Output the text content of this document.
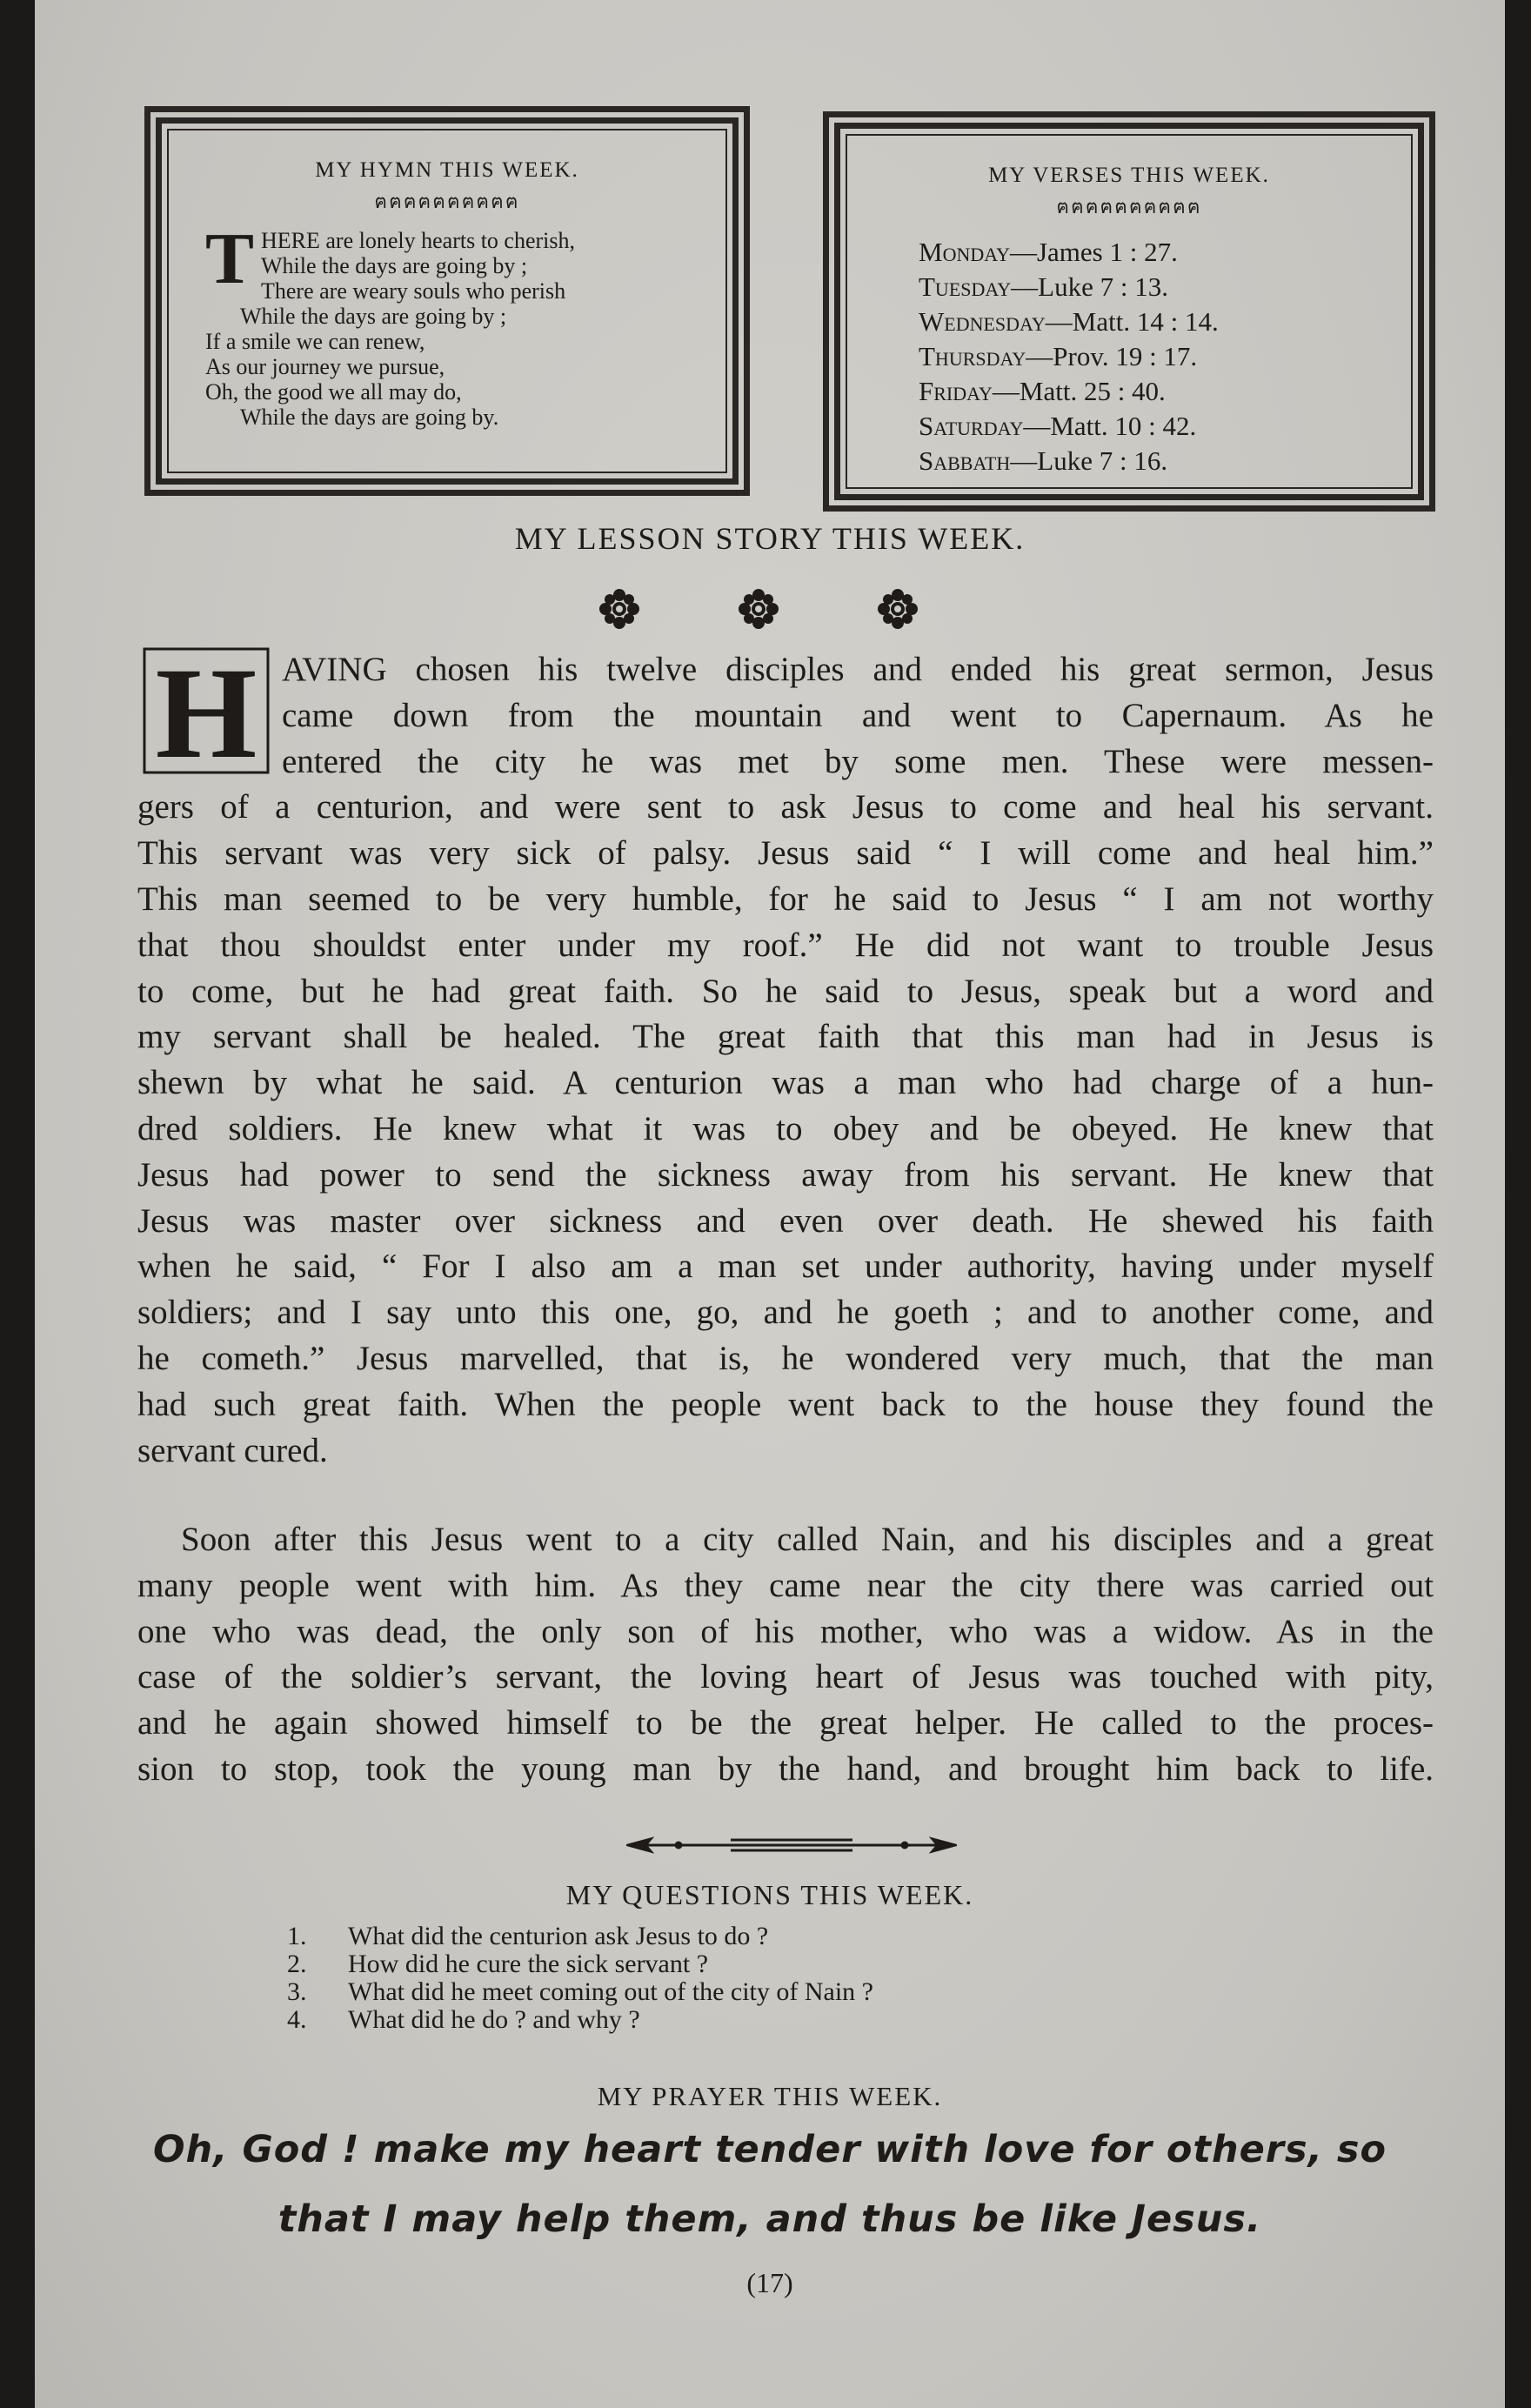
MY HYMN THIS WEEK.
ฅฅฅฅฅฅฅฅฅฅ
T HERE are lonely hearts to cherish,
While the days are going by ;
There are weary souls who perish
While the days are going by ;
If a smile we can renew,
As our journey we pursue,
Oh, the good we all may do,
While the days are going by.
MY VERSES THIS WEEK.
ฅฅฅฅฅฅฅฅฅฅ
Monday—James 1 : 27.
Tuesday—Luke 7 : 13.
Wednesday—Matt. 14 : 14.
Thursday—Prov. 19 : 17.
Friday—Matt. 25 : 40.
Saturday—Matt. 10 : 42.
Sabbath—Luke 7 : 16.
MY LESSON STORY THIS WEEK.
H AVING chosen his twelve disciples and ended his great sermon, Jesus
came down from the mountain and went to Capernaum. As he
entered the city he was met by some men. These were messen-
gers of a centurion, and were sent to ask Jesus to come and heal his servant.
This servant was very sick of palsy. Jesus said “ I will come and heal him.”
This man seemed to be very humble, for he said to Jesus “ I am not worthy
that thou shouldst enter under my roof.” He did not want to trouble Jesus
to come, but he had great faith. So he said to Jesus, speak but a word and
my servant shall be healed. The great faith that this man had in Jesus is
shewn by what he said. A centurion was a man who had charge of a hun-
dred soldiers. He knew what it was to obey and be obeyed. He knew that
Jesus had power to send the sickness away from his servant. He knew that
Jesus was master over sickness and even over death. He shewed his faith
when he said, “ For I also am a man set under authority, having under myself
soldiers; and I say unto this one, go, and he goeth ; and to another come, and
he cometh.” Jesus marvelled, that is, he wondered very much, that the man
had such great faith. When the people went back to the house they found the
servant cured.
Soon after this Jesus went to a city called Nain, and his disciples and a great
many people went with him. As they came near the city there was carried out
one who was dead, the only son of his mother, who was a widow. As in the
case of the soldier’s servant, the loving heart of Jesus was touched with pity,
and he again showed himself to be the great helper. He called to the proces-
sion to stop, took the young man by the hand, and brought him back to life.
MY QUESTIONS THIS WEEK.
1. What did the centurion ask Jesus to do ?
2. How did he cure the sick servant ?
3. What did he meet coming out of the city of Nain ?
4. What did he do ? and why ?
MY PRAYER THIS WEEK.
Oh, God ! make my heart tender with love for others, so
that I may help them, and thus be like Jesus.
(17)
